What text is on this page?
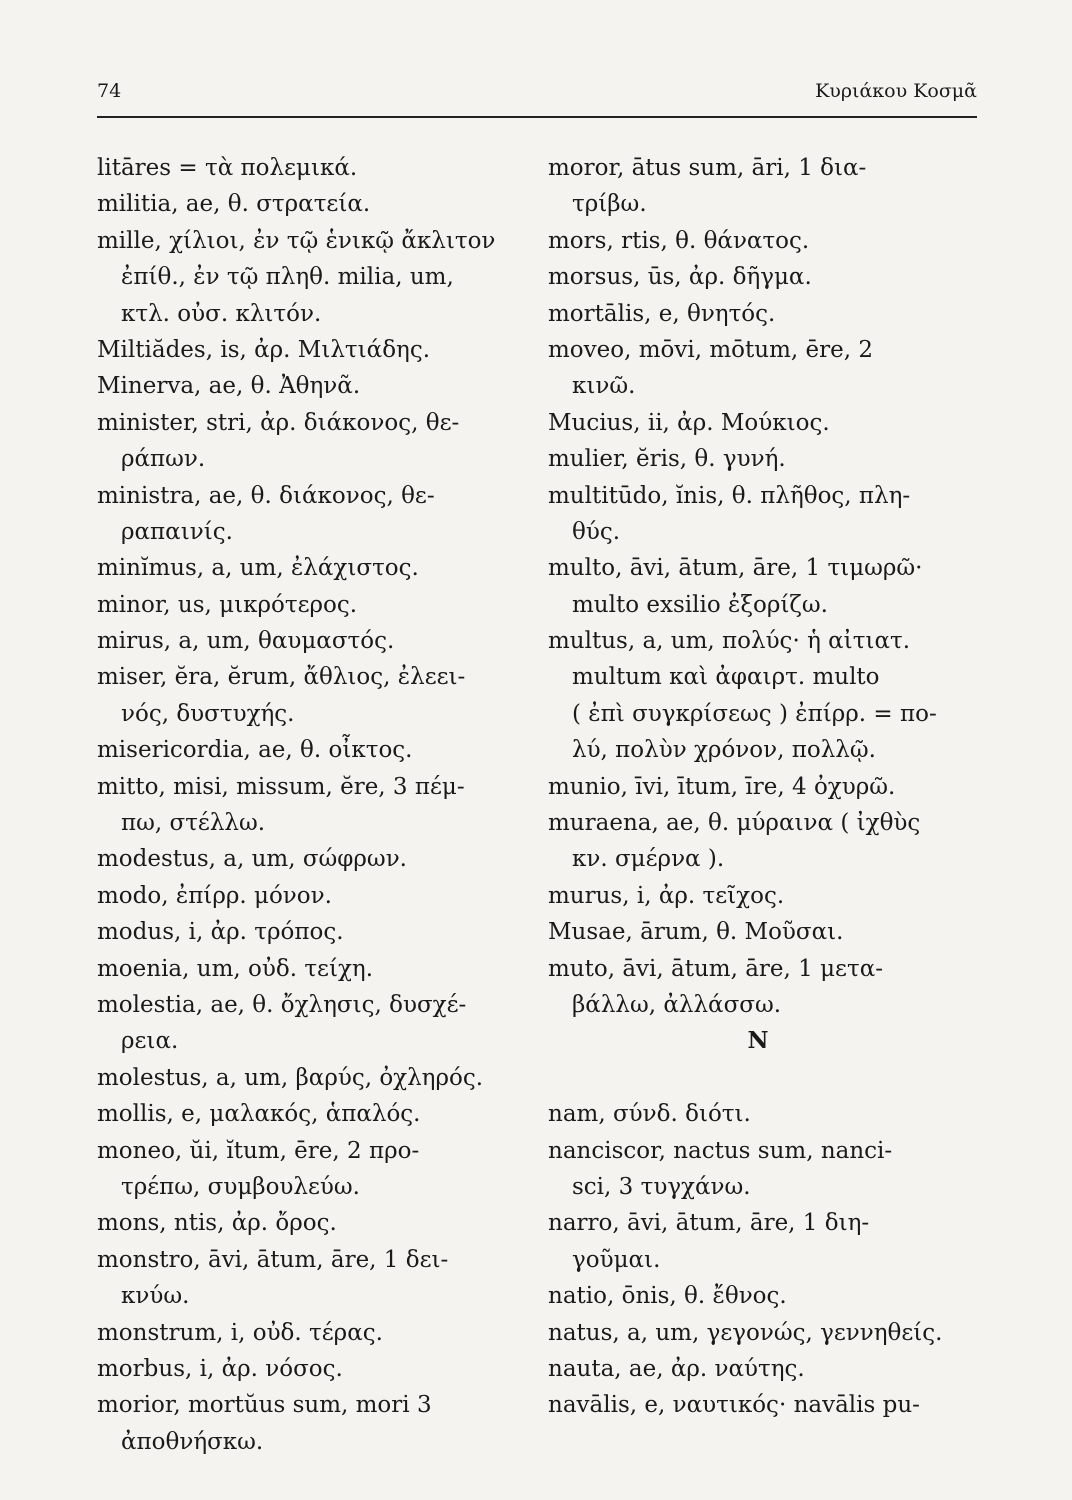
74	Κυριάκου Κοσμᾶ
litāres = τὰ πολεμικά.
militia, ae, θ. στρατεία.
mille, χίλιοι, ἐν τῷ ἑνικῷ ἄκλιτον
ἐπίθ., ἐν τῷ πληθ. milia, um,
κτλ. οὐσ. κλιτόν.
Miltiădes, is, ἀρ. Μιλτιάδης.
Minerva, ae, θ. Ἀθηνᾶ.
minister, stri, ἀρ. διάκονος, θε-
ράπων.
ministra, ae, θ. διάκονος, θε-
ραπαινίς.
minĭmus, a, um, ἐλάχιστος.
minor, us, μικρότερος.
mirus, a, um, θαυμαστός.
miser, ĕra, ĕrum, ἄθλιος, ἐλεει-
νός, δυστυχής.
misericordia, ae, θ. οἶκτος.
mitto, misi, missum, ĕre, 3 πέμ-
πω, στέλλω.
modestus, a, um, σώφρων.
modo, ἐπίρρ. μόνον.
modus, i, ἀρ. τρόπος.
moenia, um, οὐδ. τείχη.
molestia, ae, θ. ὄχλησις, δυσχέ-
ρεια.
molestus, a, um, βαρύς, ὀχληρός.
mollis, e, μαλακός, ἁπαλός.
moneo, ŭi, ĭtum, ēre, 2 προ-
τρέπω, συμβουλεύω.
mons, ntis, ἀρ. ὄρος.
monstro, āvi, ātum, āre, 1 δει-
κνύω.
monstrum, i, οὐδ. τέρας.
morbus, i, ἀρ. νόσος.
morior, mortŭus sum, mori 3
ἀποθνήσκω.
moror, ātus sum, āri, 1 δια-
τρίβω.
mors, rtis, θ. θάνατος.
morsus, ūs, ἀρ. δῆγμα.
mortālis, e, θνητός.
moveo, mōvi, mōtum, ēre, 2
κινῶ.
Mucius, ii, ἀρ. Μούκιος.
mulier, ĕris, θ. γυνή.
multitūdo, ĭnis, θ. πλῆθος, πλη-
θύς.
multo, āvi, ātum, āre, 1 τιμωρῶ·
multo exsilio ἐξορίζω.
multus, a, um, πολύς· ἡ αἰτιατ.
multum καὶ ἀφαιρτ. multo
( ἐπὶ συγκρίσεως ) ἐπίρρ. = πο-
λύ, πολὺν χρόνον, πολλῷ.
munio, īvi, ītum, īre, 4 ὀχυρῶ.
muraena, ae, θ. μύραινα ( ἰχθὺς
κν. σμέρνα ).
murus, i, ἀρ. τεῖχος.
Musae, ārum, θ. Μοῦσαι.
muto, āvi, ātum, āre, 1 μετα-
βάλλω, ἀλλάσσω.
N
nam, σύνδ. διότι.
nanciscor, nactus sum, nanci-
sci, 3 τυγχάνω.
narro, āvi, ātum, āre, 1 διη-
γοῦμαι.
natio, ōnis, θ. ἔθνος.
natus, a, um, γεγονώς, γεννηθείς.
nauta, ae, ἀρ. ναύτης.
navālis, e, ναυτικός· navālis pu-
